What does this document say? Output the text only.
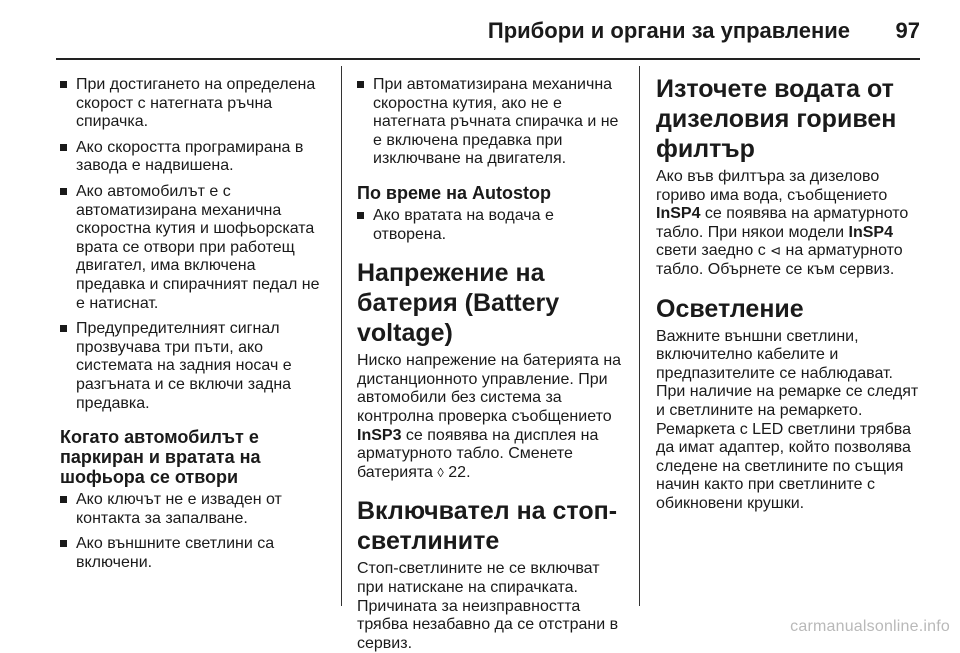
Прибори и органи за управление 97
При достигането на определена скорост с натегната ръчна спирачка.
Ако скоростта програмирана в завода е надвишена.
Ако автомобилът е с автоматизирана механична скоростна кутия и шофьорската врата се отвори при работещ двигател, има включена предавка и спирачният педал не е натиснат.
Предупредителният сигнал прозвучава три пъти, ако системата на задния носач е разгъната и се включи задна предавка.
Когато автомобилът е паркиран и вратата на шофьора се отвори
Ако ключът не е изваден от контакта за запалване.
Ако външните светлини са включени.
При автоматизирана механична скоростна кутия, ако не е натегната ръчната спирачка и не е включена предавка при изключване на двигателя.
По време на Autostop
Ако вратата на водача е отворена.
Напрежение на батерия (Battery voltage)

Ниско напрежение на батерията на дистанционното управление. При автомобили без система за контролна проверка съобщението InSP3 се появява на дисплея на арматурното табло. Сменете батерията ◊ 22.

Включвател на стоп-светлините

Стоп-светлините не се включват при натискане на спирачката. Причината за неизправността трябва незабавно да се отстрани в сервиз.

Източете водата от дизеловия горивен филтър

Ако във филтъра за дизелово гориво има вода, съобщението InSP4 се появява на арматурното табло. При някои модели InSP4 свети заедно с ⊲ на арматурното табло. Обърнете се към сервиз.

Осветление

Важните външни светлини, включително кабелите и предпазителите се наблюдават. При наличие на ремарке се следят и светлините на ремаркето. Ремаркета с LED светлини трябва да имат адаптер, който позволява следене на светлините по същия начин както при светлините с обикновени крушки.

carmanualsonline.info
